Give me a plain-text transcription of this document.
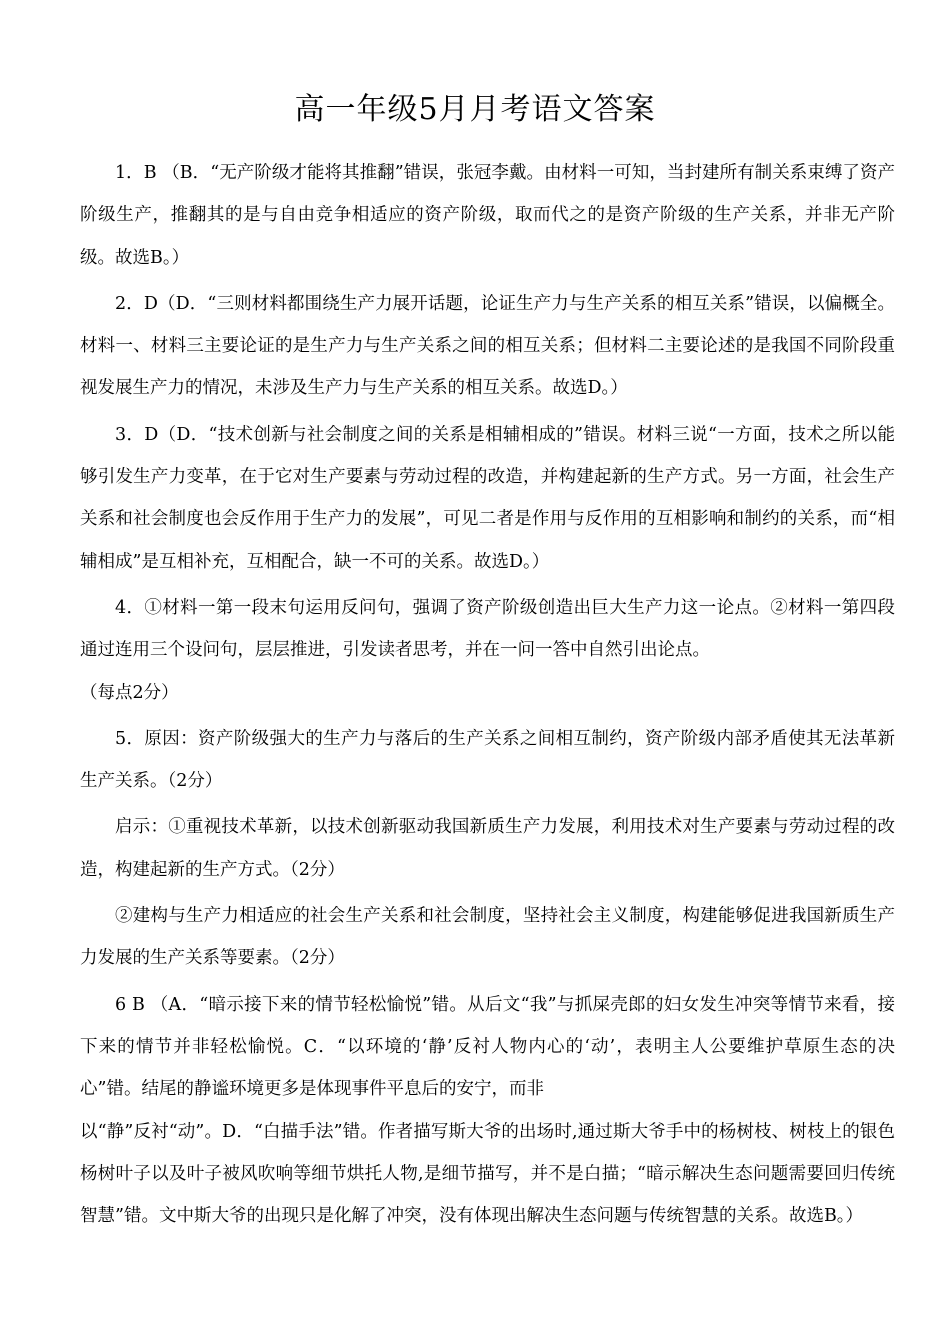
高一年级5月月考语文答案

1．B （B．“无产阶级才能将其推翻”错误，张冠李戴。由材料一可知，当封建所有制关系束缚了资产阶级生产，推翻其的是与自由竞争相适应的资产阶级，取而代之的是资产阶级的生产关系，并非无产阶级。故选B。）

2．D（D．“三则材料都围绕生产力展开话题，论证生产力与生产关系的相互关系”错误，以偏概全。材料一、材料三主要论证的是生产力与生产关系之间的相互关系；但材料二主要论述的是我国不同阶段重视发展生产力的情况，未涉及生产力与生产关系的相互关系。故选D。）

3．D（D．“技术创新与社会制度之间的关系是相辅相成的”错误。材料三说“一方面，技术之所以能够引发生产力变革，在于它对生产要素与劳动过程的改造，并构建起新的生产方式。另一方面，社会生产关系和社会制度也会反作用于生产力的发展”，可见二者是作用与反作用的互相影响和制约的关系，而“相辅相成”是互相补充，互相配合，缺一不可的关系。故选D。）

4．①材料一第一段末句运用反问句，强调了资产阶级创造出巨大生产力这一论点。②材料一第四段通过连用三个设问句，层层推进，引发读者思考，并在一问一答中自然引出论点。

（每点2分）

5．原因：资产阶级强大的生产力与落后的生产关系之间相互制约，资产阶级内部矛盾使其无法革新生产关系。（2分）

启示：①重视技术革新，以技术创新驱动我国新质生产力发展，利用技术对生产要素与劳动过程的改造，构建起新的生产方式。（2分）

②建构与生产力相适应的社会生产关系和社会制度，坚持社会主义制度，构建能够促进我国新质生产力发展的生产关系等要素。（2分）

6 B （A．“暗示接下来的情节轻松愉悦”错。从后文“我”与抓屎壳郎的妇女发生冲突等情节来看，接下来的情节并非轻松愉悦。C．“以环境的‘静’反衬人物内心的‘动’，表明主人公要维护草原生态的决心”错。结尾的静谧环境更多是体现事件平息后的安宁，而非

以“静”反衬“动”。D．“白描手法”错。作者描写斯大爷的出场时,通过斯大爷手中的杨树枝、树枝上的银色杨树叶子以及叶子被风吹响等细节烘托人物,是细节描写，并不是白描；“暗示解决生态问题需要回归传统智慧”错。文中斯大爷的出现只是化解了冲突，没有体现出解决生态问题与传统智慧的关系。故选B。）
